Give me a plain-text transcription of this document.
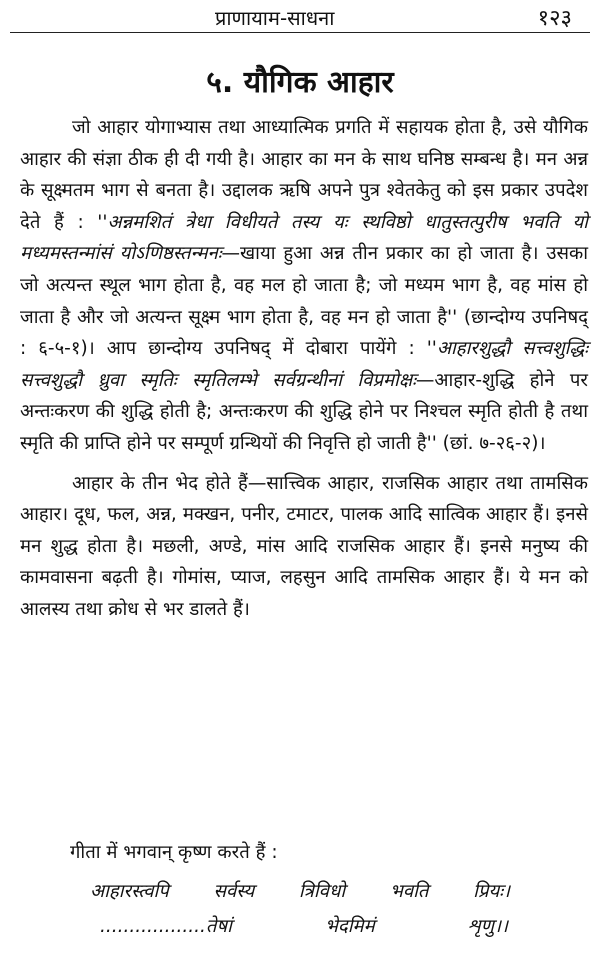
प्राणायाम-साधना	१२३
५. यौगिक आहार

जो आहार योगाभ्यास तथा आध्यात्मिक प्रगति में सहायक होता है, उसे यौगिक आहार की संज्ञा ठीक ही दी गयी है। आहार का मन के साथ घनिष्ठ सम्बन्ध है। मन अन्न के सूक्ष्मतम भाग से बनता है। उद्दालक ऋषि अपने पुत्र श्वेतकेतु को इस प्रकार उपदेश देते हैं : ''अन्नमशितं त्रेधा विधीयते तस्य यः स्थविष्ठो धातुस्तत्पुरीष भवति यो मध्यमस्तन्मांसं योऽणिष्ठस्तन्मनः—खाया हुआ अन्न तीन प्रकार का हो जाता है। उसका जो अत्यन्त स्थूल भाग होता है, वह मल हो जाता है; जो मध्यम भाग है, वह मांस हो जाता है और जो अत्यन्त सूक्ष्म भाग होता है, वह मन हो जाता है'' (छान्दोग्य उपनिषद् : ६-५-१)। आप छान्दोग्य उपनिषद् में दोबारा पायेंगे : ''आहारशुद्धौ सत्त्वशुद्धिः सत्त्वशुद्धौ ध्रुवा स्मृतिः स्मृतिलम्भे सर्वग्रन्थीनां विप्रमोक्षः—आहार-शुद्धि होने पर अन्तःकरण की शुद्धि होती है; अन्तःकरण की शुद्धि होने पर निश्चल स्मृति होती है तथा स्मृति की प्राप्ति होने पर सम्पूर्ण ग्रन्थियों की निवृत्ति हो जाती है'' (छां. ७-२६-२)।

आहार के तीन भेद होते हैं—सात्त्विक आहार, राजसिक आहार तथा तामसिक आहार। दूध, फल, अन्न, मक्खन, पनीर, टमाटर, पालक आदि सात्विक आहार हैं। इनसे मन शुद्ध होता है। मछली, अण्डे, मांस आदि राजसिक आहार हैं। इनसे मनुष्य की कामवासना बढ़ती है। गोमांस, प्याज, लहसुन आदि तामसिक आहार हैं। ये मन को आलस्य तथा क्रोध से भर डालते हैं।

गीता में भगवान् कृष्ण करते हैं :
आहारस्त्वपि सर्वस्य त्रिविधो भवति प्रियः।
..................तेषां	भेदमिमं	शृणु।।
